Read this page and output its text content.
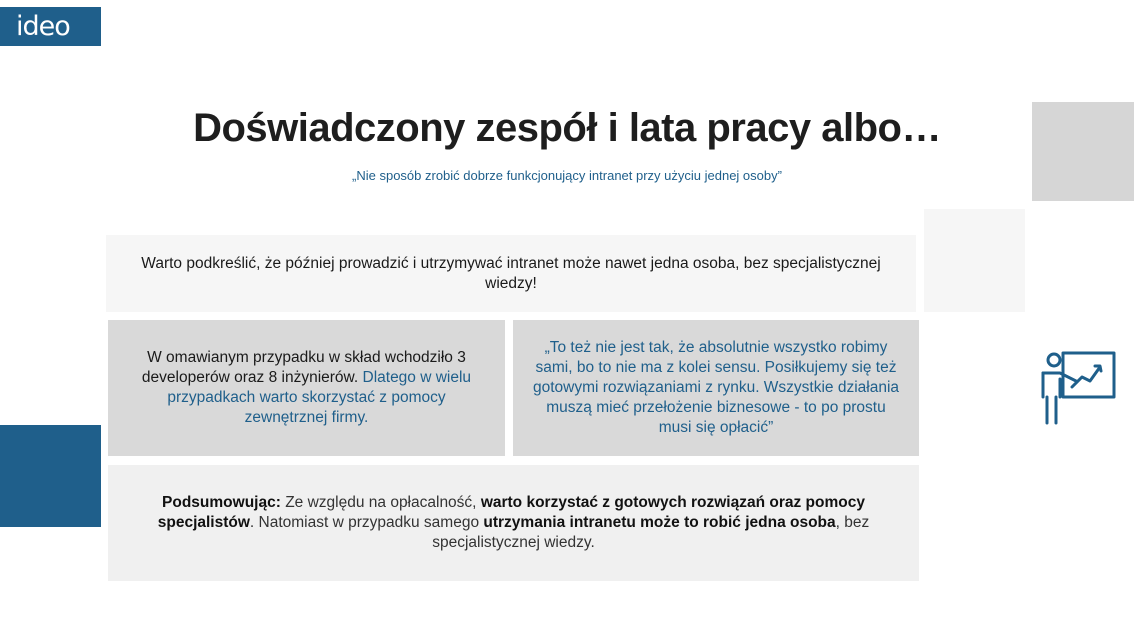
ideo
Doświadczony zespół i lata pracy albo…
„Nie sposób zrobić dobrze funkcjonujący intranet przy użyciu jednej osoby”
Warto podkreślić, że później prowadzić i utrzymywać intranet może nawet jedna osoba, bez specjalistycznej wiedzy!
W omawianym przypadku w skład wchodziło 3 developerów oraz 8 inżynierów. Dlatego w wielu przypadkach warto skorzystać z pomocy zewnętrznej firmy.
„To też nie jest tak, że absolutnie wszystko robimy sami, bo to nie ma z kolei sensu. Posiłkujemy się też gotowymi rozwiązaniami z rynku. Wszystkie działania muszą mieć przełożenie biznesowe - to po prostu musi się opłacić”
Podsumowując: Ze względu na opłacalność, warto korzystać z gotowych rozwiązań oraz pomocy specjalistów. Natomiast w przypadku samego utrzymania intranetu może to robić jedna osoba, bez specjalistycznej wiedzy.
